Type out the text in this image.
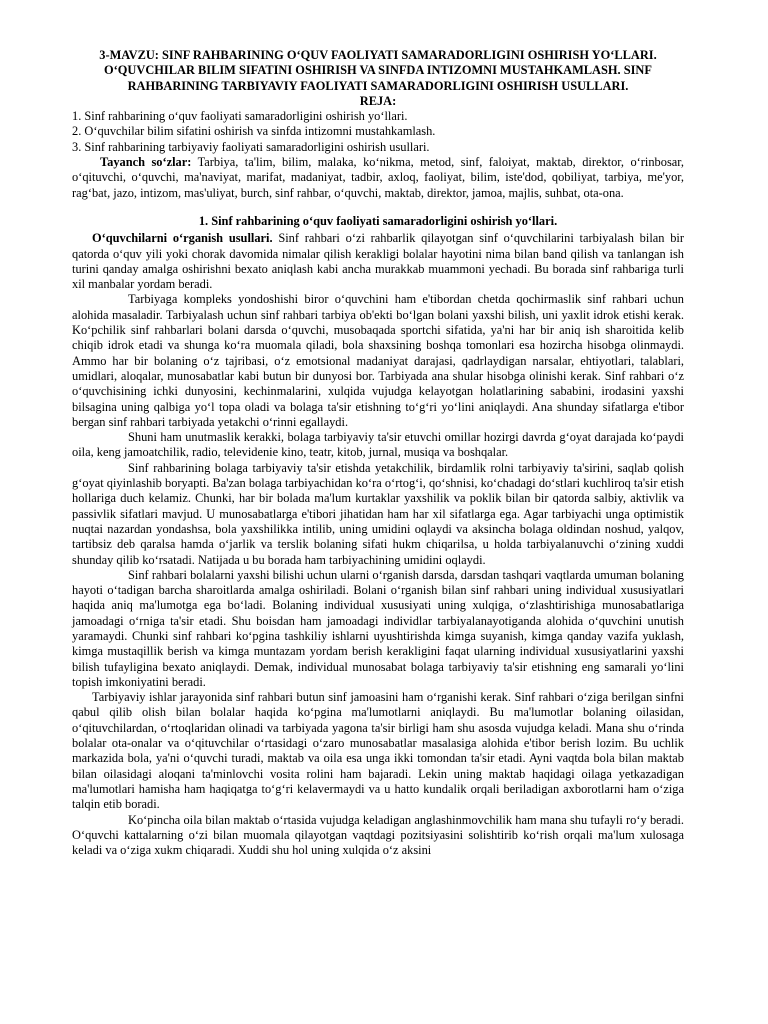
3-MAVZU: SINF RAHBARINING O‘QUV FAOLIYATI SAMARADORLIGINI OSHIRISH YO‘LLARI. O‘QUVCHILAR BILIM SIFATINI OSHIRISH VA SINFDA INTIZOMNI MUSTAHKAMLASH. SINF RAHBARINING TARBIYAVIY FAOLIYATI SAMARADORLIGINI OSHIRISH USULLARI.

REJA:

1. Sinf rahbarining o‘quv faoliyati samaradorligini oshirish yo‘llari.
2. O‘quvchilar bilim sifatini oshirish va sinfda intizomni mustahkamlash.
3. Sinf rahbarining tarbiyaviy faoliyati samaradorligini oshirish usullari.

Tayanch so‘zlar: Tarbiya, ta'lim, bilim, malaka, ko‘nikma, metod, sinf, faloiyat, maktab, direktor, o‘rinbosar, o‘qituvchi, o‘quvchi, ma'naviyat, marifat, madaniyat, tadbir, axloq, faoliyat, bilim, iste'dod, qobiliyat, tarbiya, me'yor, rag‘bat, jazo, intizom, mas'uliyat, burch, sinf rahbar, o‘quvchi, maktab, direktor, jamoa, majlis, suhbat, ota-ona.

1. Sinf rahbarining o‘quv faoliyati samaradorligini oshirish yo‘llari.

O‘quvchilarni o‘rganish usullari. Sinf rahbari o‘zi rahbarlik qilayotgan sinf o‘quvchilarini tarbiyalash bilan bir qatorda o‘quv yili yoki chorak davomida nimalar qilish kerakligi bolalar hayotini nima bilan band qilish va tanlangan ish turini qanday amalga oshirishni bexato aniqlash kabi ancha murakkab muammoni yechadi. Bu borada sinf rahbariga turli xil manbalar yordam beradi.

Tarbiyaga kompleks yondoshishi biror o‘quvchini ham e'tibordan chetda qochirmaslik sinf rahbari uchun alohida masaladir. Tarbiyalash uchun sinf rahbari tarbiya ob'ekti bo‘lgan bolani yaxshi bilish, uni yaxlit idrok etishi kerak. Ko‘pchilik sinf rahbarlari bolani darsda o‘quvchi, musobaqada sportchi sifatida, ya'ni har bir aniq ish sharoitida kelib chiqib idrok etadi va shunga ko‘ra muomala qiladi, bola shaxsining boshqa tomonlari esa hozircha hisobga olinmaydi. Ammo har bir bolaning o‘z tajribasi, o‘z emotsional madaniyat darajasi, qadrlaydigan narsalar, ehtiyotlari, talablari, umidlari, aloqalar, munosabatlar kabi butun bir dunyosi bor. Tarbiyada ana shular hisobga olinishi kerak. Sinf rahbari o‘z o‘quvchisining ichki dunyosini, kechinmalarini, xulqida vujudga kelayotgan holatlarining sababini, irodasini yaxshi bilsagina uning qalbiga yo‘l topa oladi va bolaga ta'sir etishning to‘g‘ri yo‘lini aniqlaydi. Ana shunday sifatlarga e'tibor bergan sinf rahbari tarbiyada yetakchi o‘rinni egallaydi.

Shuni ham unutmaslik kerakki, bolaga tarbiyaviy ta'sir etuvchi omillar hozirgi davrda g‘oyat darajada ko‘paydi oila, keng jamoatchilik, radio, televidenie kino, teatr, kitob, jurnal, musiqa va boshqalar.

Sinf rahbarining bolaga tarbiyaviy ta'sir etishda yetakchilik, birdamlik rolni tarbiyaviy ta'sirini, saqlab qolish g‘oyat qiyinlashib boryapti. Ba'zan bolaga tarbiyachidan ko‘ra o‘rtog‘i, qo‘shnisi, ko‘chadagi do‘stlari kuchliroq ta'sir etish hollariga duch kelamiz. Chunki, har bir bolada ma'lum kurtaklar yaxshilik va poklik bilan bir qatorda salbiy, aktivlik va passivlik sifatlari mavjud. U munosabatlarga e'tibori jihatidan ham har xil sifatlarga ega. Agar tarbiyachi unga optimistik nuqtai nazardan yondashsa, bola yaxshilikka intilib, uning umidini oqlaydi va aksincha bolaga oldindan noshud, yalqov, tartibsiz deb qaralsa hamda o‘jarlik va terslik bolaning sifati hukm chiqarilsa, u holda tarbiyalanuvchi o‘zining xuddi shunday qilib ko‘rsatadi. Natijada u bu borada ham tarbiyachining umidini oqlaydi.

Sinf rahbari bolalarni yaxshi bilishi uchun ularni o‘rganish darsda, darsdan tashqari vaqtlarda umuman bolaning hayoti o‘tadigan barcha sharoitlarda amalga oshiriladi. Bolani o‘rganish bilan sinf rahbari uning individual xususiyatlari haqida aniq ma'lumotga ega bo‘ladi. Bolaning individual xususiyati uning xulqiga, o‘zlashtirishiga munosabatlariga jamoadagi o‘rniga ta'sir etadi. Shu boisdan ham jamoadagi individlar tarbiyalanayotiganda alohida o‘quvchini unutish yaramaydi. Chunki sinf rahbari ko‘pgina tashkiliy ishlarni uyushtirishda kimga suyanish, kimga qanday vazifa yuklash, kimga mustaqillik berish va kimga muntazam yordam berish kerakligini faqat ularning individual xususiyatlarini yaxshi bilish tufayligina bexato aniqlaydi. Demak, individual munosabat bolaga tarbiyaviy ta'sir etishning eng samarali yo‘lini topish imkoniyatini beradi.

Tarbiyaviy ishlar jarayonida sinf rahbari butun sinf jamoasini ham o‘rganishi kerak. Sinf rahbari o‘ziga berilgan sinfni qabul qilib olish bilan bolalar haqida ko‘pgina ma'lumotlarni aniqlaydi. Bu ma'lumotlar bolaning oilasidan, o‘qituvchilardan, o‘rtoqlaridan olinadi va tarbiyada yagona ta'sir birligi ham shu asosda vujudga keladi. Mana shu o‘rinda bolalar ota-onalar va o‘qituvchilar o‘rtasidagi o‘zaro munosabatlar masalasiga alohida e'tibor berish lozim. Bu uchlik markazida bola, ya'ni o‘quvchi turadi, maktab va oila esa unga ikki tomondan ta'sir etadi. Ayni vaqtda bola bilan maktab bilan oilasidagi aloqani ta'minlovchi vosita rolini ham bajaradi. Lekin uning maktab haqidagi oilaga yetkazadigan ma'lumotlari hamisha ham haqiqatga to‘g‘ri kelavermaydi va u hatto kundalik orqali beriladigan axborotlarni ham o‘ziga talqin etib boradi.

Ko‘pincha oila bilan maktab o‘rtasida vujudga keladigan anglashinmovchilik ham mana shu tufayli ro‘y beradi. O‘quvchi kattalarning o‘zi bilan muomala qilayotgan vaqtdagi pozitsiyasini solishtirib ko‘rish orqali ma'lum xulosaga keladi va o‘ziga xukm chiqaradi. Xuddi shu hol uning xulqida o‘z aksini
